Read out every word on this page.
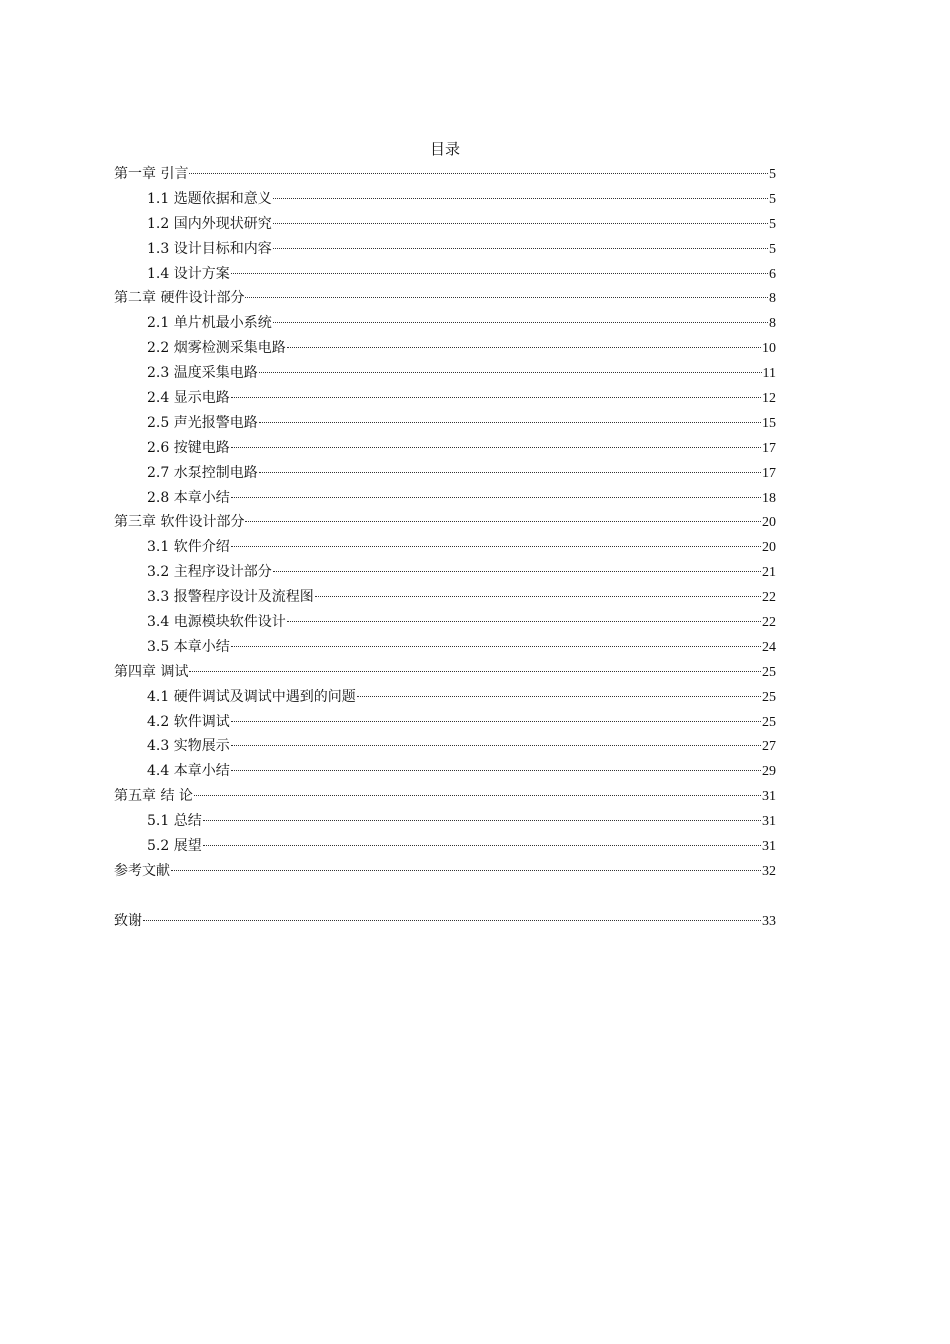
目录
第一章 引言	5
1.1 选题依据和意义	5
1.2 国内外现状研究	5
1.3 设计目标和内容	5
1.4 设计方案	6
第二章 硬件设计部分	8
2.1 单片机最小系统	8
2.2 烟雾检测采集电路	10
2.3 温度采集电路	11
2.4 显示电路	12
2.5 声光报警电路	15
2.6 按键电路	17
2.7 水泵控制电路	17
2.8 本章小结	18
第三章 软件设计部分	20
3.1 软件介绍	20
3.2 主程序设计部分	21
3.3 报警程序设计及流程图	22
3.4 电源模块软件设计	22
3.5 本章小结	24
第四章 调试	25
4.1 硬件调试及调试中遇到的问题	25
4.2 软件调试	25
4.3 实物展示	27
4.4 本章小结	29
第五章 结 论	31
5.1 总结	31
5.2 展望	31
参考文献	32
致谢	33
